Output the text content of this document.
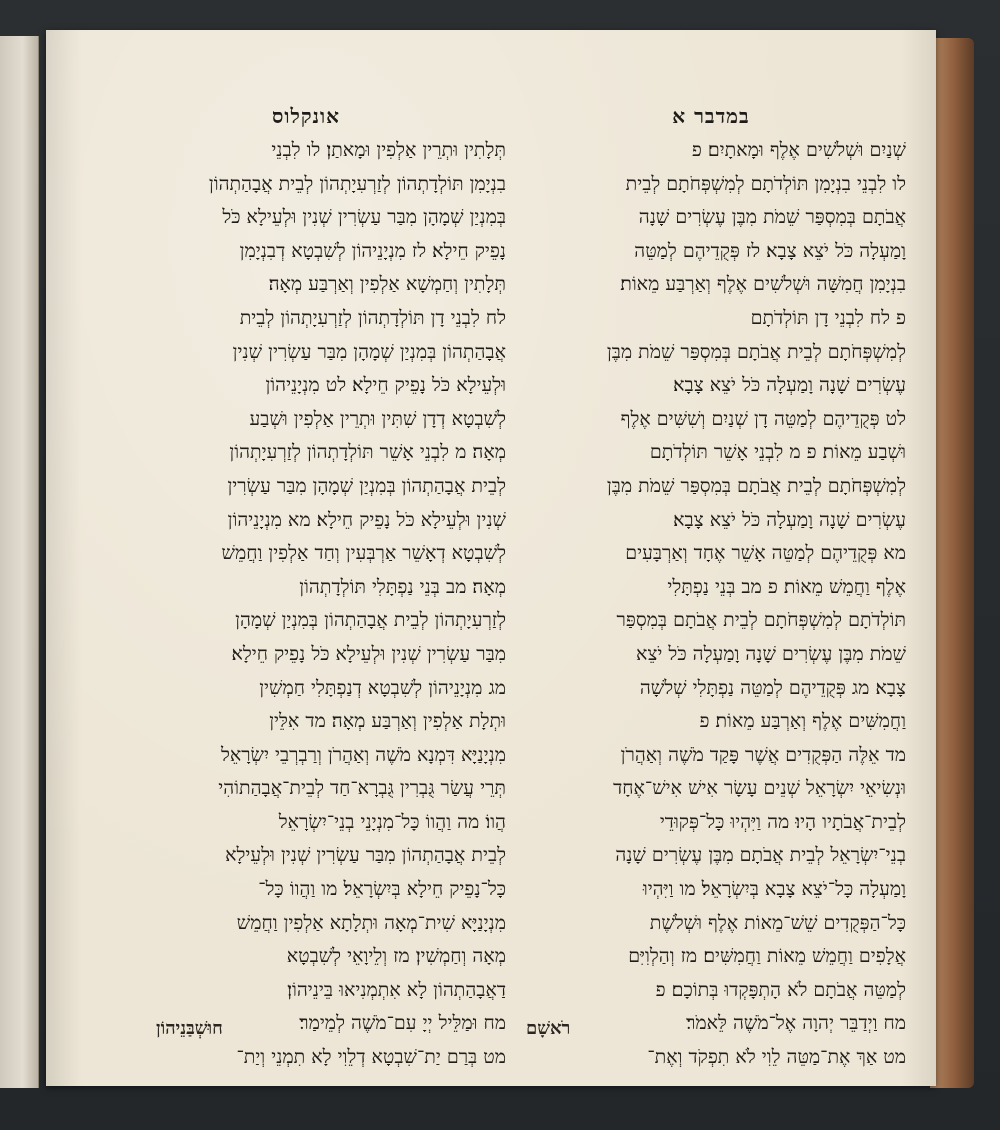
אונקלוס
תְּלָתִין וּתְרֵין אַלְפִין וּמָאתַן׃ לו לִבְנֵי
בִנְיָמִן תּוֹלְדָתְהוֹן לְזַרְעִיָתְהוֹן לְבֵית אֲבָהַתְהוֹן
בְּמִנְיַן שְׁמָהָן מִבַּר עַשְׂרִין שְׁנִין וּלְעֵילָא כֹּל
נָפֵיק חֵילָא׃ לז מִנְיָנֵיהוֹן לְשִׁבְטָא דְבִנְיָמִן
תְּלָתִין וְחַמְשָׁא אַלְפִין וְאַרְבַּע מְאָה׃
לח לִבְנֵי דָן תּוֹלְדָתְהוֹן לְזַרְעִיָתְהוֹן לְבֵית
אֲבָהַתְהוֹן בְּמִנְיַן שְׁמָהָן מִבַּר עַשְׂרִין שְׁנִין
וּלְעֵילָא כֹּל נָפֵיק חֵילָא׃ לט מִנְיָנֵיהוֹן
לְשִׁבְטָא דְדָן שִׁתִּין וּתְרֵין אַלְפִין וּשְׁבַע
מְאָה׃ מ לִבְנֵי אָשֵׁר תּוֹלְדָתְהוֹן לְזַרְעִיָתְהוֹן
לְבֵית אֲבָהַתְהוֹן בְּמִנְיַן שְׁמָהָן מִבַּר עַשְׂרִין
שְׁנִין וּלְעֵילָא כֹּל נָפֵיק חֵילָא׃ מא מִנְיָנֵיהוֹן
לְשִׁבְטָא דְאָשֵׁר אַרְבְּעִין וְחַד אַלְפִין וַחֲמֵשׁ
מְאָה׃ מב בְּנֵי נַפְתָּלִי תּוֹלְדָתְהוֹן
לְזַרְעִיָתְהוֹן לְבֵית אֲבָהַתְהוֹן בְּמִנְיַן שְׁמָהָן
מִבַּר עַשְׂרִין שְׁנִין וּלְעֵילָא כֹּל נָפֵיק חֵילָא׃
מג מִנְיָנֵיהוֹן לְשִׁבְטָא דְנַפְתָּלִי חַמְשִׁין
וּתְלָת אַלְפִין וְאַרְבַּע מְאָה׃ מד אִלֵּין
מִנְיָנַיָּא דִּמְנָא מֹשֶׁה וְאַהֲרֹן וְרַבְרְבֵי יִשְׂרָאֵל
תְּרֵי עֲשַׂר גֻּבְרִין גֻּבְרָא־חַד לְבֵית־אֲבָהַתוֹהִי
הֲווֹ׃ מה וַהֲווֹ כָּל־מִנְיָנֵי בְנֵי־יִשְׂרָאֵל
לְבֵית אֲבָהַתְהוֹן מִבַּר עַשְׂרִין שְׁנִין וּלְעֵילָא
כָּל־נָפֵיק חֵילָא בְּיִשְׂרָאֵל׃ מו וַהֲווֹ כָּל־
מִנְיָנַיָּא שִׁית־מְאָה וּתְלָתָא אַלְפִין וַחֲמֵשׁ
מְאָה וְחַמְשִׁין׃ מז וְלֵיוָאֵי לְשִׁבְטָא
דַאֲבָהַתְהוֹן לָא אִתְמְנִיאוּ בֵּינֵיהוֹן׃
מח וּמַלֵּיל יְיָ עִם־מֹשֶׁה לְמֵימַר׃
מט בְּרַם יַת־שִׁבְטָא דְלֵוִי לָא תִמְנֵי וְיַת־
במדבר א
שְׁנַיִם וּשְׁלֹשִׁים אֶלֶף וּמָאתָיִם׃ פ
לו לִבְנֵי בִנְיָמִן תּוֹלְדֹתָם לְמִשְׁפְּחֹתָם לְבֵית
אֲבֹתָם בְּמִסְפַּר שֵׁמֹת מִבֶּן עֶשְׂרִים שָׁנָה
וָמַעְלָה כֹּל יֹצֵא צָבָא׃ לז פְּקֻדֵיהֶם לְמַטֵּה
בִנְיָמִן חֲמִשָּׁה וּשְׁלֹשִׁים אֶלֶף וְאַרְבַּע מֵאוֹת׃
פ לח לִבְנֵי דָן תּוֹלְדֹתָם
לְמִשְׁפְּחֹתָם לְבֵית אֲבֹתָם בְּמִסְפַּר שֵׁמֹת מִבֶּן
עֶשְׂרִים שָׁנָה וָמַעְלָה כֹּל יֹצֵא צָבָא׃
לט פְּקֻדֵיהֶם לְמַטֵּה דָן שְׁנַיִם וְשִׁשִּׁים אֶלֶף
וּשְׁבַע מֵאוֹת׃ פ מ לִבְנֵי אָשֵׁר תּוֹלְדֹתָם
לְמִשְׁפְּחֹתָם לְבֵית אֲבֹתָם בְּמִסְפַּר שֵׁמֹת מִבֶּן
עֶשְׂרִים שָׁנָה וָמַעְלָה כֹּל יֹצֵא צָבָא׃
מא פְּקֻדֵיהֶם לְמַטֵּה אָשֵׁר אֶחָד וְאַרְבָּעִים
אֶלֶף וַחֲמֵשׁ מֵאוֹת׃ פ מב בְּנֵי נַפְתָּלִי
תּוֹלְדֹתָם לְמִשְׁפְּחֹתָם לְבֵית אֲבֹתָם בְּמִסְפַּר
שֵׁמֹת מִבֶּן עֶשְׂרִים שָׁנָה וָמַעְלָה כֹּל יֹצֵא
צָבָא׃ מג פְּקֻדֵיהֶם לְמַטֵּה נַפְתָּלִי שְׁלֹשָׁה
וַחֲמִשִּׁים אֶלֶף וְאַרְבַּע מֵאוֹת׃ פ
מד אֵלֶּה הַפְּקֻדִים אֲשֶׁר פָּקַד מֹשֶׁה וְאַהֲרֹן
וּנְשִׂיאֵי יִשְׂרָאֵל שְׁנֵים עָשָׂר אִישׁ אִישׁ־אֶחָד
לְבֵית־אֲבֹתָיו הָיוּ׃ מה וַיִּהְיוּ כָּל־פְּקוּדֵי
בְנֵי־יִשְׂרָאֵל לְבֵית אֲבֹתָם מִבֶּן עֶשְׂרִים שָׁנָה
וָמַעְלָה כָּל־יֹצֵא צָבָא בְּיִשְׂרָאֵל׃ מו וַיִּהְיוּ
כָּל־הַפְּקֻדִים שֵׁשׁ־מֵאוֹת אֶלֶף וּשְׁלֹשֶׁת
אֲלָפִים וַחֲמֵשׁ מֵאוֹת וַחֲמִשִּׁים׃ מז וְהַלְוִיִּם
לְמַטֵּה אֲבֹתָם לֹא הָתְפָּקְדוּ בְּתוֹכָם׃ פ
מח וַיְדַבֵּר יְהוָה אֶל־מֹשֶׁה לֵּאמֹר׃
מט אַךְ אֶת־מַטֵּה לֵוִי לֹא תִפְקֹד וְאֶת־
חוּשְׁבַּנֵיהוֹן	רֹאשָׁם
